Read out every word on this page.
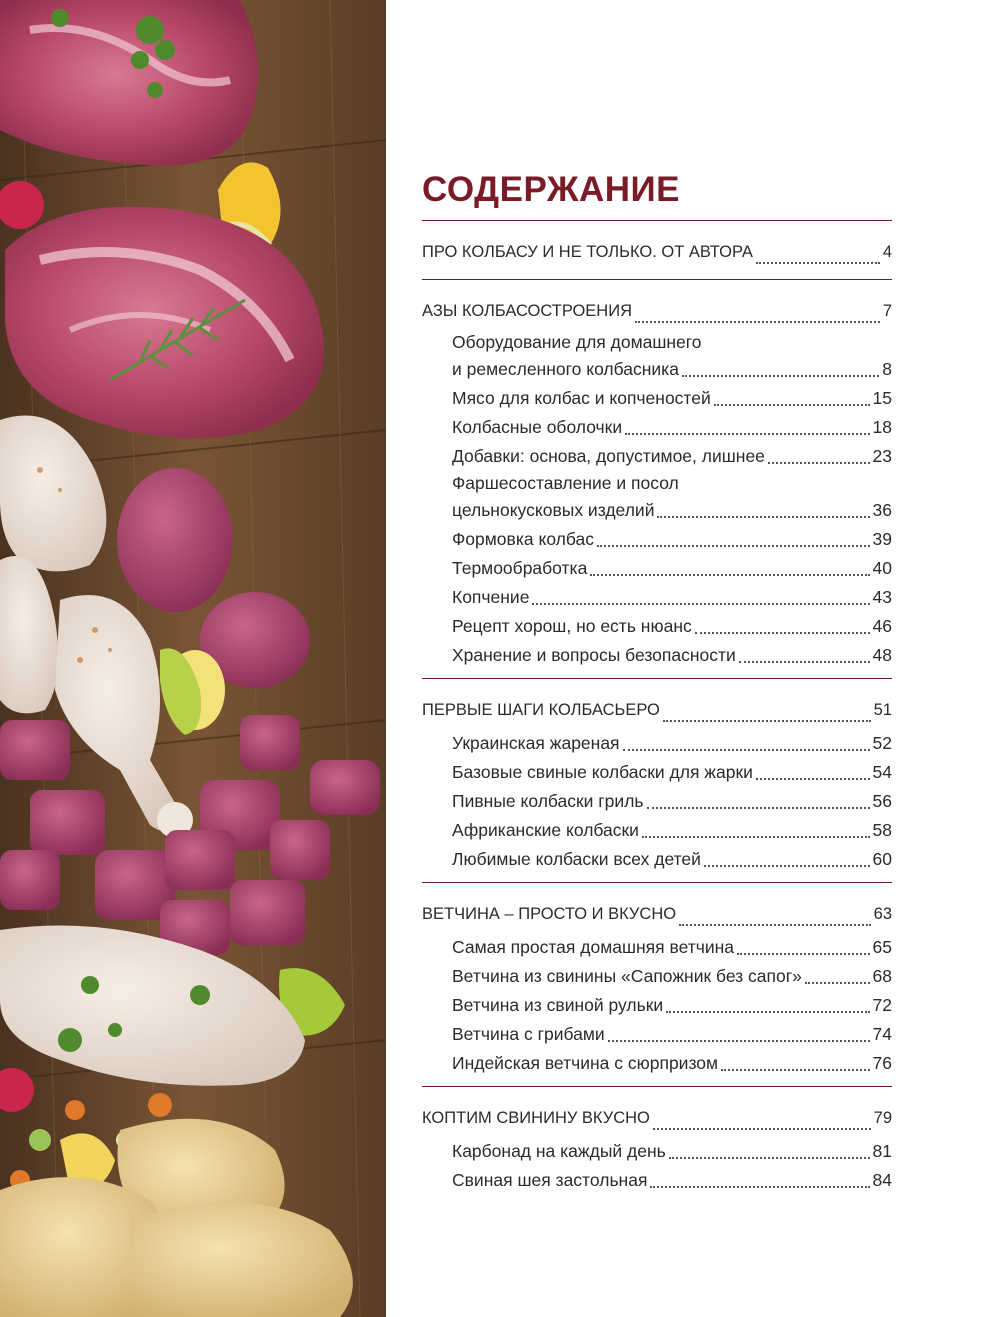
СОДЕРЖАНИЕ
ПРО КОЛБАСУ И НЕ ТОЛЬКО. ОТ АВТОРА	4
АЗЫ КОЛБАСОСТРОЕНИЯ	7
Оборудование для домашнего
и ремесленного колбасника	8
Мясо для колбас и копченостей	15
Колбасные оболочки	18
Добавки: основа, допустимое, лишнее	23
Фаршесоставление и посол
цельнокусковых изделий	36
Формовка колбас	39
Термообработка	40
Копчение	43
Рецепт хорош, но есть нюанс	46
Хранение и вопросы безопасности	48
ПЕРВЫЕ ШАГИ КОЛБАСЬЕРО	51
Украинская жареная	52
Базовые свиные колбаски для жарки	54
Пивные колбаски гриль	56
Африканские колбаски	58
Любимые колбаски всех детей	60
ВЕТЧИНА – ПРОСТО И ВКУСНО	63
Самая простая домашняя ветчина	65
Ветчина из свинины «Сапожник без сапог»	68
Ветчина из свиной рульки	72
Ветчина с грибами	74
Индейская ветчина с сюрпризом	76
КОПТИМ СВИНИНУ ВКУСНО	79
Карбонад на каждый день	81
Свиная шея застольная	84
